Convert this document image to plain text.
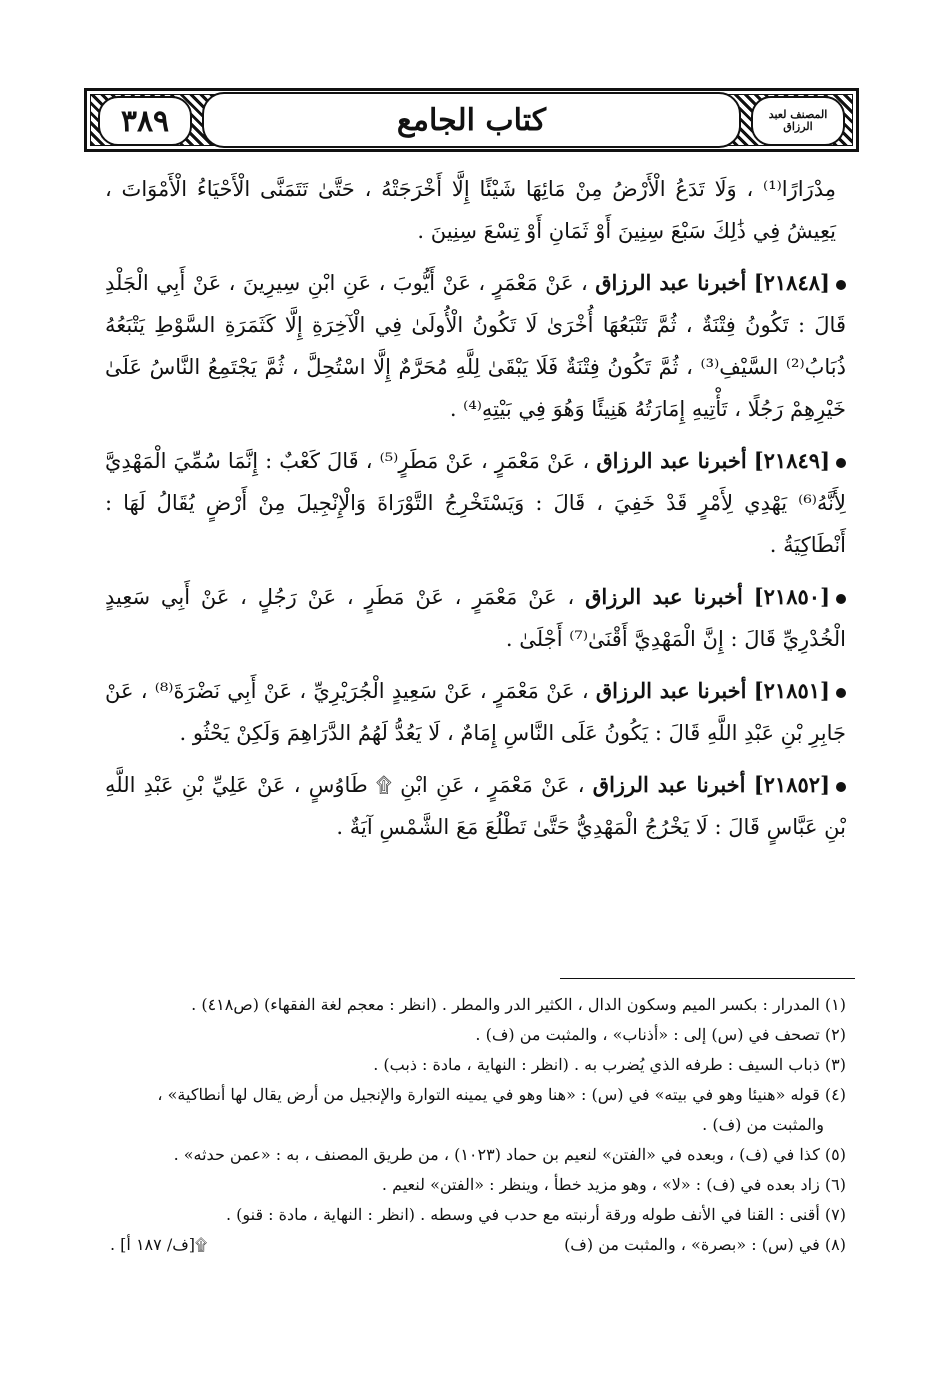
كتاب الجامع
٣٨٩	المصنف لعبد الرزاق

مِدْرَارًا⁽¹⁾ ، وَلَا تَدَعُ الْأَرْضُ مِنْ مَائِهَا شَيْئًا إِلَّا أَخْرَجَتْهُ ، حَتَّىٰ تَتَمَنَّى الْأَحْيَاءُ الْأَمْوَاتَ ، يَعِيشُ فِي ذَٰلِكَ سَبْعَ سِنِينَ أَوْ ثَمَانِ أَوْ تِسْعَ سِنِينَ .

[٢١٨٤٨] أخبرنا عبد الرزاق ، عَنْ مَعْمَرٍ ، عَنْ أَيُّوبَ ، عَنِ ابْنِ سِيرِينَ ، عَنْ أَبِي الْجَلْدِ قَالَ : تَكُونُ فِتْنَةٌ ، ثُمَّ تَتْبَعُهَا أُخْرَىٰ لَا تَكُونُ الْأُولَىٰ فِي الْآخِرَةِ إِلَّا كَثَمَرَةِ السَّوْطِ يَتْبَعُهُ ذُبَابُ⁽²⁾ السَّيْفِ⁽³⁾ ، ثُمَّ تَكُونُ فِتْنَةٌ فَلَا يَبْقَىٰ لِلَّهِ مُحَرَّمٌ إِلَّا اسْتُحِلَّ ، ثُمَّ يَجْتَمِعُ النَّاسُ عَلَىٰ خَيْرِهِمْ رَجُلًا ، تَأْتِيهِ إِمَارَتُهُ هَنِيئًا وَهُوَ فِي بَيْتِهِ⁽⁴⁾ .

[٢١٨٤٩] أخبرنا عبد الرزاق ، عَنْ مَعْمَرٍ ، عَنْ مَطَرٍ⁽⁵⁾ ، قَالَ كَعْبٌ : إِنَّمَا سُمِّيَ الْمَهْدِيَّ لِأَنَّهُ⁽⁶⁾ يَهْدِي لِأَمْرٍ قَدْ خَفِيَ ، قَالَ : وَيَسْتَخْرِجُ التَّوْرَاةَ وَالْإِنْجِيلَ مِنْ أَرْضٍ يُقَالُ لَهَا : أَنْطَاكِيَةُ .

[٢١٨٥٠] أخبرنا عبد الرزاق ، عَنْ مَعْمَرٍ ، عَنْ مَطَرٍ ، عَنْ رَجُلٍ ، عَنْ أَبِي سَعِيدٍ الْخُدْرِيِّ قَالَ : إِنَّ الْمَهْدِيَّ أَقْنَىٰ⁽⁷⁾ أَجْلَىٰ .

[٢١٨٥١] أخبرنا عبد الرزاق ، عَنْ مَعْمَرٍ ، عَنْ سَعِيدٍ الْجُرَيْرِيِّ ، عَنْ أَبِي نَضْرَةَ⁽⁸⁾ ، عَنْ جَابِرِ بْنِ عَبْدِ اللَّهِ قَالَ : يَكُونُ عَلَى النَّاسِ إِمَامٌ ، لَا يَعُدُّ لَهُمُ الدَّرَاهِمَ وَلَكِنْ يَحْثُو .

[٢١٨٥٢] أخبرنا عبد الرزاق ، عَنْ مَعْمَرٍ ، عَنِ ابْنِ ۩ طَاوُسٍ ، عَنْ عَلِيِّ بْنِ عَبْدِ اللَّهِ بْنِ عَبَّاسٍ قَالَ : لَا يَخْرُجُ الْمَهْدِيُّ حَتَّىٰ تَطْلُعَ مَعَ الشَّمْسِ آيَةٌ .

(١) المدرار : بكسر الميم وسكون الدال ، الكثير الدر والمطر . (انظر : معجم لغة الفقهاء) (ص٤١٨) .

(٢) تصحف في (س) إلى : «أذناب» ، والمثبت من (ف) .

(٣) ذباب السيف : طرفه الذي يُضرب به . (انظر : النهاية ، مادة : ذبب) .

(٤) قوله «هنيئا وهو في بيته» في (س) : «هنا وهو في يمينه التوارة والإنجيل من أرض يقال لها أنطاكية» ،

والمثبت من (ف) .

(٥) كذا في (ف) ، وبعده في «الفتن» لنعيم بن حماد (١٠٢٣) ، من طريق المصنف ، به : «عمن حدثه» .

(٦) زاد بعده في (ف) : «لا» ، وهو مزيد خطأ ، وينظر : «الفتن» لنعيم .

(٧) أقنى : القنا في الأنف طوله ورقة أرنبته مع حدب في وسطه . (انظر : النهاية ، مادة : قنو) .

(٨) في (س) : «بصرة» ، والمثبت من (ف)
۩[ف/ ١٨٧ أ] .
